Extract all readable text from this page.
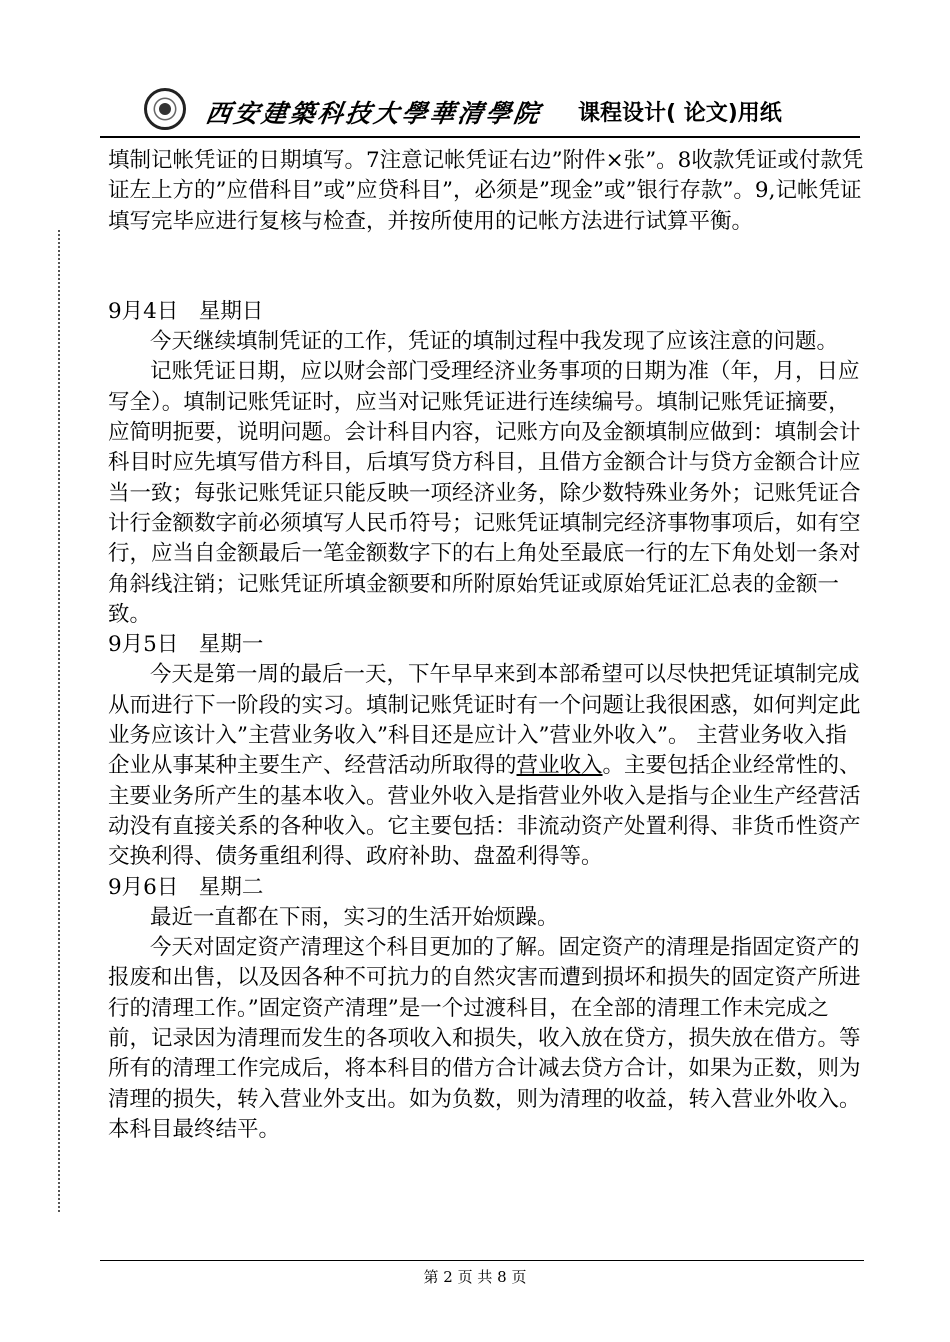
西安建築科技大學華清學院 课程设计( 论文)用纸

填制记帐凭证的日期填写。7注意记帐凭证右边”附件×张”。8收款凭证或付款凭证左上方的”应借科目”或”应贷科目”，必须是”现金”或”银行存款”。9,记帐凭证 填写完毕应进行复核与检查，并按所使用的记帐方法进行试算平衡。

9月4日   星期日

今天继续填制凭证的工作，凭证的填制过程中我发现了应该注意的问题。

记账凭证日期，应以财会部门受理经济业务事项的日期为准（年，月，日应写全）。填制记账凭证时，应当对记账凭证进行连续编号。填制记账凭证摘要，应简明扼要，说明问题。会计科目内容，记账方向及金额填制应做到：填制会计科目时应先填写借方科目，后填写贷方科目，且借方金额合计与贷方金额合计应当一致；每张记账凭证只能反映一项经济业务，除少数特殊业务外；记账凭证合计行金额数字前必须填写人民币符号；记账凭证填制完经济事物事项后，如有空行，应当自金额最后一笔金额数字下的右上角处至最底一行的左下角处划一条对角斜线注销；记账凭证所填金额要和所附原始凭证或原始凭证汇总表的金额一致。

9月5日   星期一

今天是第一周的最后一天，下午早早来到本部希望可以尽快把凭证填制完成从而进行下一阶段的实习。填制记账凭证时有一个问题让我很困惑，如何判定此业务应该计入”主营业务收入”科目还是应计入”营业外收入”。 主营业务收入指企业从事某种主要生产、经营活动所取得的营业收入。主要包括企业经常性的、主要业务所产生的基本收入。营业外收入是指营业外收入是指与企业生产经营活动没有直接关系的各种收入。它主要包括：非流动资产处置利得、非货币性资产交换利得、债务重组利得、政府补助、盘盈利得等。

9月6日   星期二

最近一直都在下雨，实习的生活开始烦躁。

今天对固定资产清理这个科目更加的了解。固定资产的清理是指固定资产的报废和出售，以及因各种不可抗力的自然灾害而遭到损坏和损失的固定资产所进行的清理工作。”固定资产清理”是一个过渡科目，在全部的清理工作未完成之前，记录因为清理而发生的各项收入和损失，收入放在贷方，损失放在借方。等所有的清理工作完成后，将本科目的借方合计减去贷方合计，如果为正数，则为清理的损失，转入营业外支出。如为负数，则为清理的收益，转入营业外收入。本科目最终结平。

第 2 页 共 8 页
